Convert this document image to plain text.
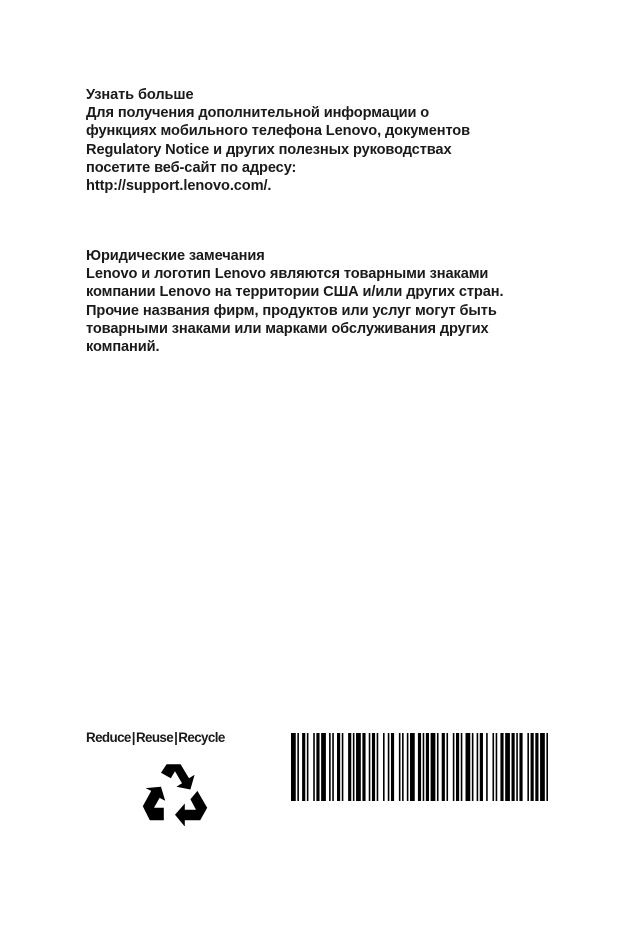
Узнать больше
Для получения дополнительной информации о
функциях мобильного телефона Lenovo, документов
Regulatory Notice и других полезных руководствах
посетите веб-сайт по адресу:
http://support.lenovo.com/.
Юридические замечания
Lenovo и логотип Lenovo являются товарными знаками
компании Lenovo на территории США и/или других стран.
Прочие названия фирм, продуктов или услуг могут быть
товарными знаками или марками обслуживания других
компаний.
Reduce|Reuse|Recycle
